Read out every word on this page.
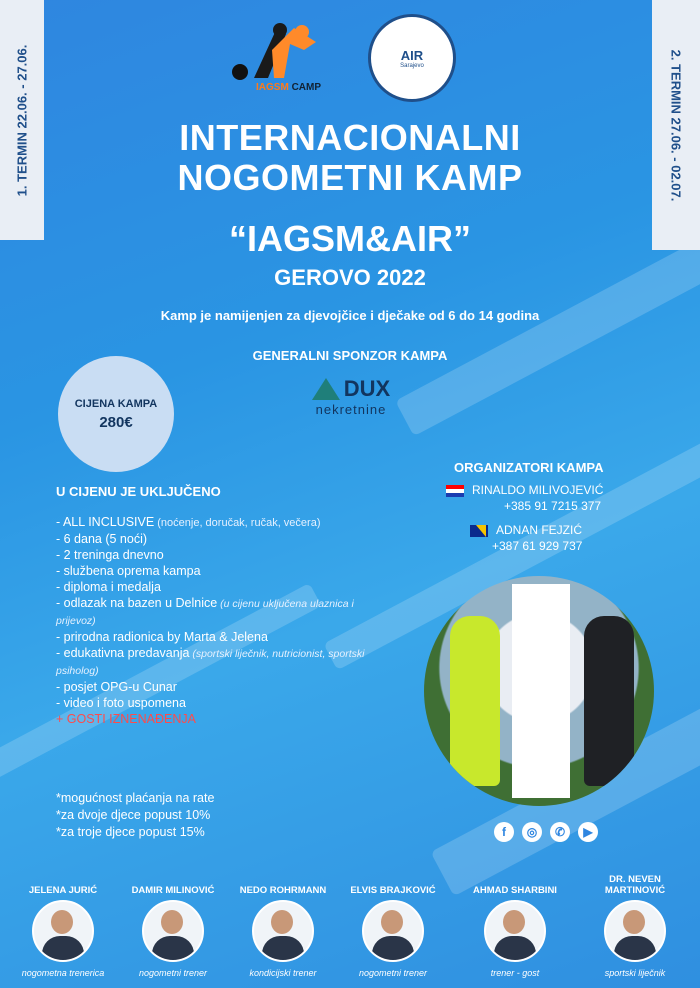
1. TERMIN 22.06. - 27.06.	2. TERMIN 27.06. - 02.07.
IAGSM CAMP
AIR
Sarajevo
INTERNACIONALNI
NOGOMETNI KAMP
“IAGSM&AIR”
GEROVO 2022
Kamp je namijenjen za djevojčice i dječake od 6 do 14 godina
GENERALNI SPONZOR KAMPA
CIJENA KAMPA
280€
DUX
nekretnine
U CIJENU JE UKLJUČENO
- ALL INCLUSIVE (noćenje, doručak, ručak, večera)
- 6 dana (5 noći)
- 2 treninga dnevno
- službena oprema kampa
- diploma i medalja
- odlazak na bazen u Delnice (u cijenu uključena ulaznica i prijevoz)
- prirodna radionica by Marta & Jelena
- edukativna predavanja (sportski liječnik, nutricionist, sportski psiholog)
- posjet OPG-u Cunar
- video i foto uspomena
+ GOSTI IZNENAĐENJA
*mogućnost plaćanja na rate
*za dvoje djece popust 10%
*za troje djece popust 15%
ORGANIZATORI KAMPA
RINALDO MILIVOJEVIĆ
+385 91 7215 377
ADNAN FEJZIĆ
+387 61 929 737
f	◎	✆	▶
JELENA JURIĆ
nogometna trenerica
DAMIR MILINOVIĆ
nogometni trener
NEDO ROHRMANN
kondicijski trener
ELVIS BRAJKOVIĆ
nogometni trener
AHMAD SHARBINI
trener - gost
DR. NEVEN MARTINOVIĆ
sportski liječnik
